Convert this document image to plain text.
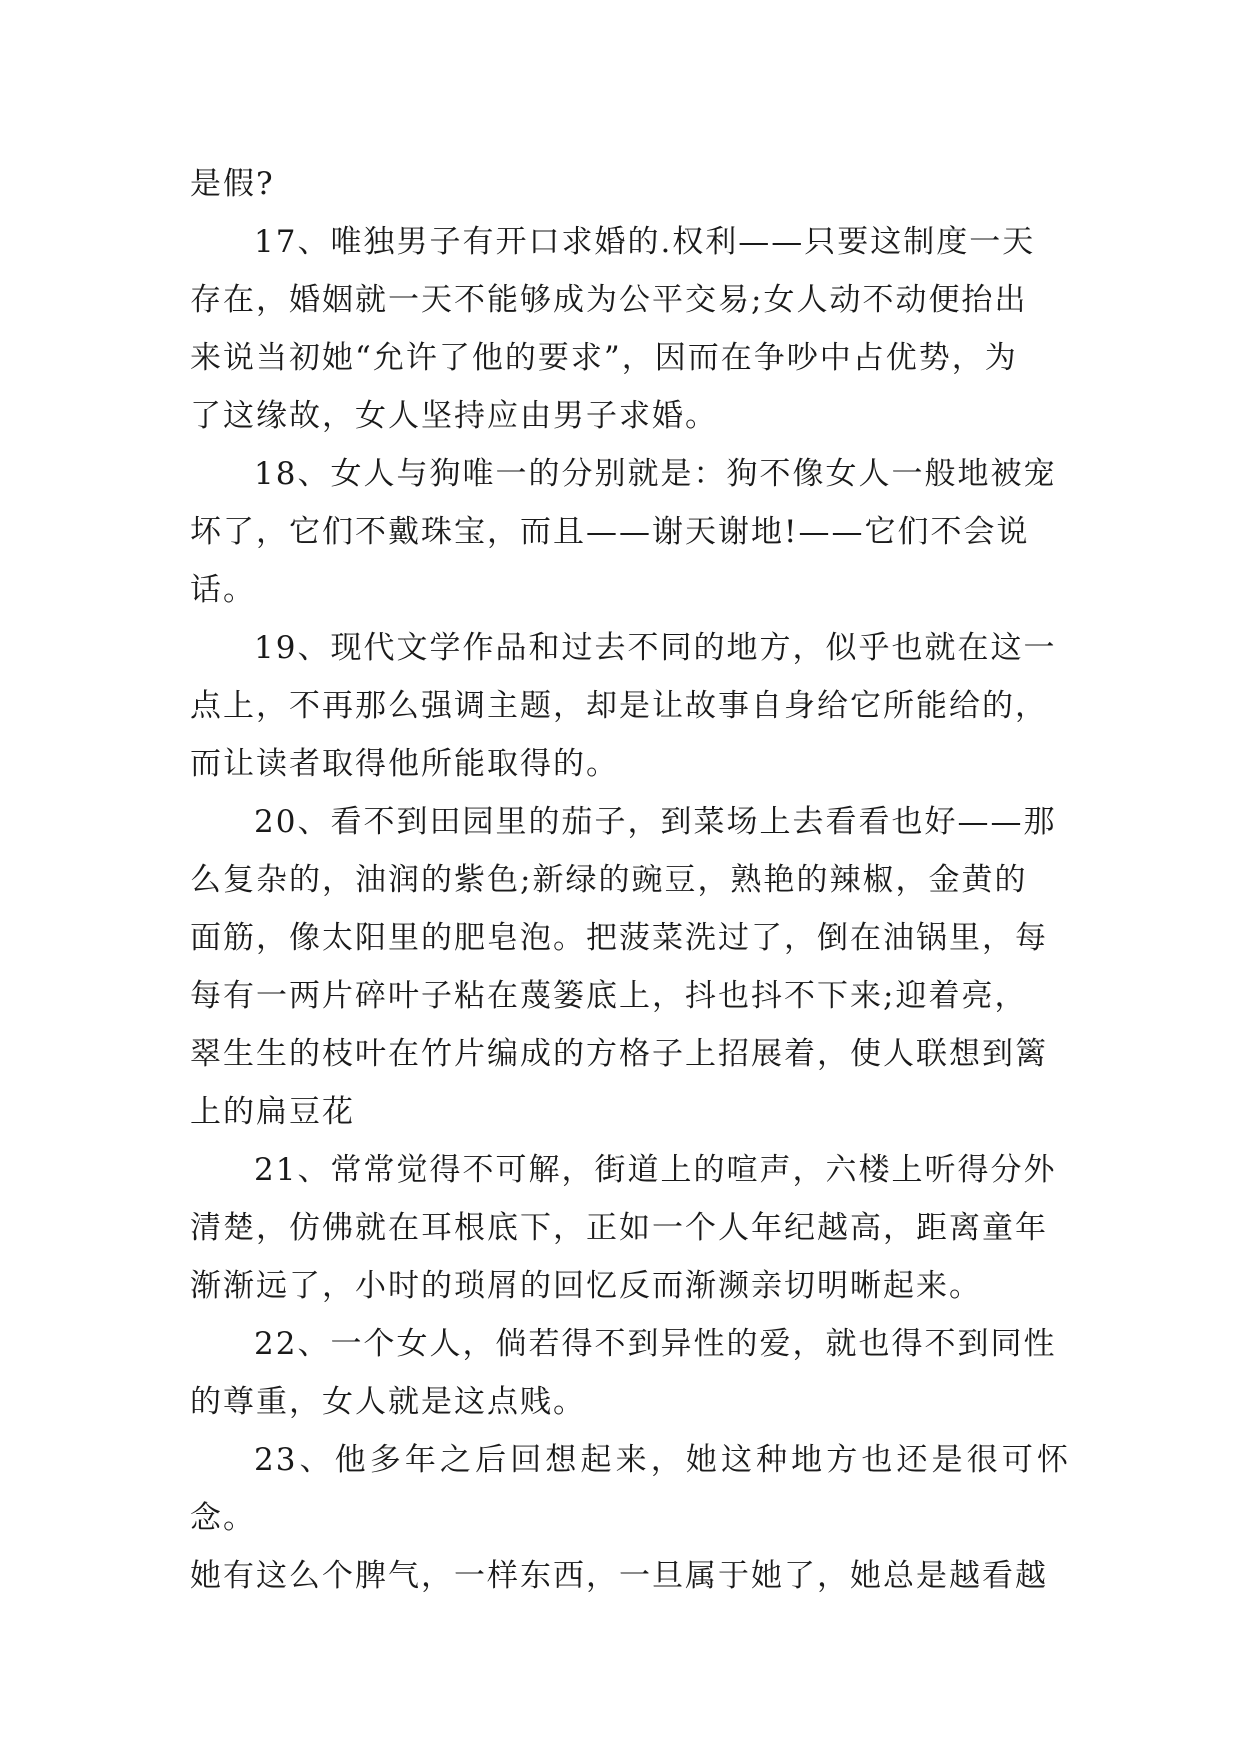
是假?

17、唯独男子有开口求婚的.权利——只要这制度一天
存在，婚姻就一天不能够成为公平交易;女人动不动便抬出
来说当初她“允许了他的要求”，因而在争吵中占优势，为
了这缘故，女人坚持应由男子求婚。

18、女人与狗唯一的分别就是：狗不像女人一般地被宠
坏了，它们不戴珠宝，而且——谢天谢地!——它们不会说
话。

19、现代文学作品和过去不同的地方，似乎也就在这一
点上，不再那么强调主题，却是让故事自身给它所能给的，
而让读者取得他所能取得的。

20、看不到田园里的茄子，到菜场上去看看也好——那
么复杂的，油润的紫色;新绿的豌豆，熟艳的辣椒，金黄的
面筋，像太阳里的肥皂泡。把菠菜洗过了，倒在油锅里，每
每有一两片碎叶子粘在蔑篓底上，抖也抖不下来;迎着亮，
翠生生的枝叶在竹片编成的方格子上招展着，使人联想到篱
上的扁豆花

21、常常觉得不可解，街道上的喧声，六楼上听得分外
清楚，仿佛就在耳根底下，正如一个人年纪越高，距离童年
渐渐远了，小时的琐屑的回忆反而渐濒亲切明晰起来。

22、一个女人，倘若得不到异性的爱，就也得不到同性
的尊重，女人就是这点贱。

23、他多年之后回想起来，她这种地方也还是很可怀念。
她有这么个脾气，一样东西，一旦属于她了，她总是越看越
